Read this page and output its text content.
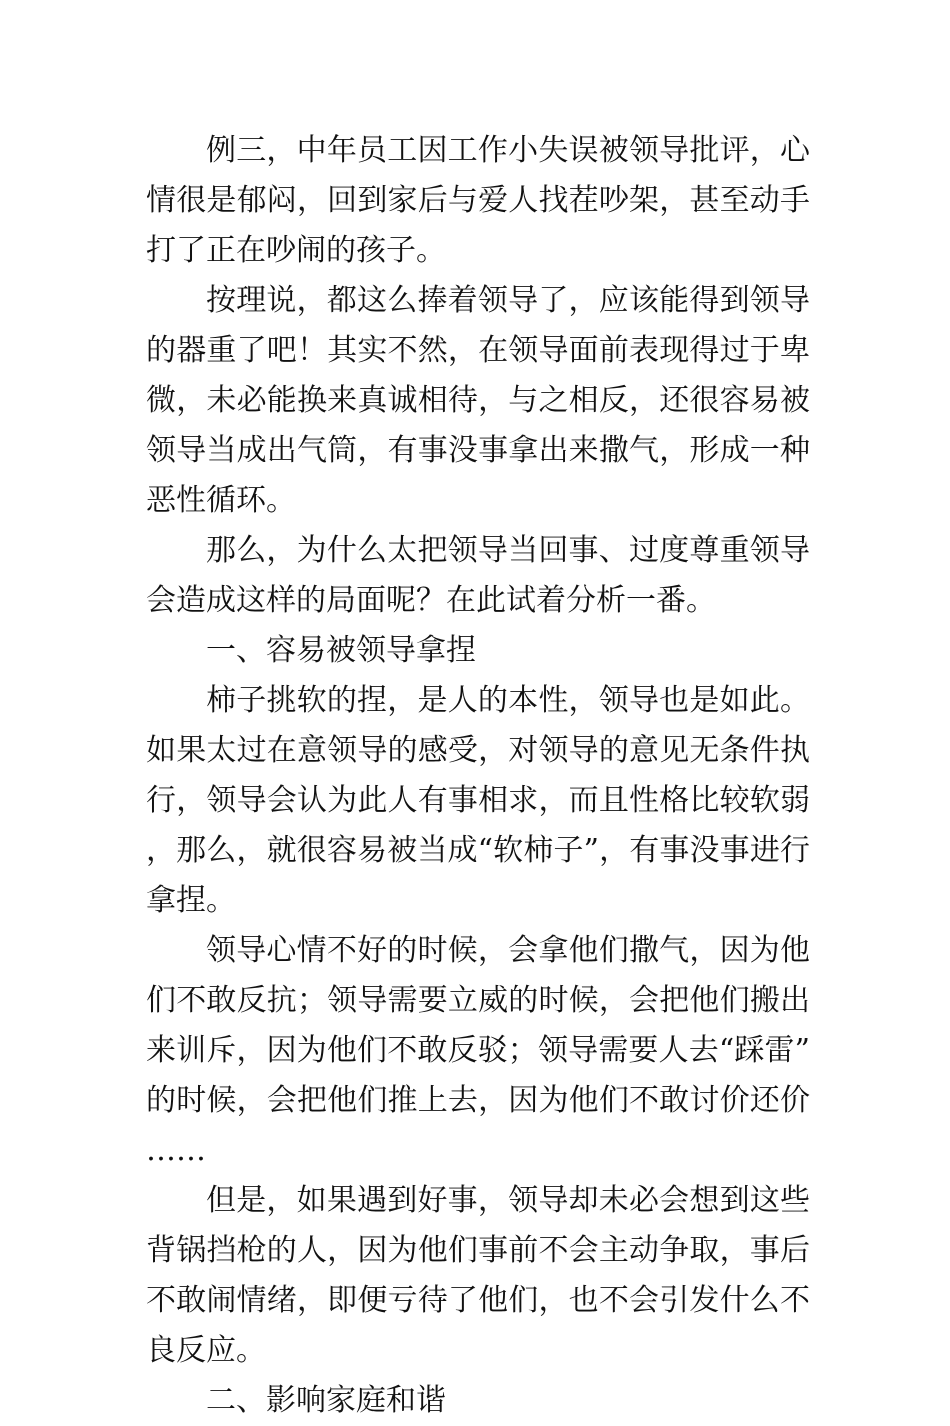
例三，中年员工因工作小失误被领导批评，心情很是郁闷，回到家后与爱人找茬吵架，甚至动手打了正在吵闹的孩子。

按理说，都这么捧着领导了，应该能得到领导的器重了吧！其实不然，在领导面前表现得过于卑微，未必能换来真诚相待，与之相反，还很容易被领导当成出气筒，有事没事拿出来撒气，形成一种恶性循环。

那么，为什么太把领导当回事、过度尊重领导会造成这样的局面呢？在此试着分析一番。

一、容易被领导拿捏

柿子挑软的捏，是人的本性，领导也是如此。如果太过在意领导的感受，对领导的意见无条件执行，领导会认为此人有事相求，而且性格比较软弱，那么，就很容易被当成“软柿子”，有事没事进行拿捏。

领导心情不好的时候，会拿他们撒气，因为他们不敢反抗；领导需要立威的时候，会把他们搬出来训斥，因为他们不敢反驳；领导需要人去“踩雷”的时候，会把他们推上去，因为他们不敢讨价还价……

但是，如果遇到好事，领导却未必会想到这些背锅挡枪的人，因为他们事前不会主动争取，事后不敢闹情绪，即便亏待了他们，也不会引发什么不良反应。

二、影响家庭和谐
